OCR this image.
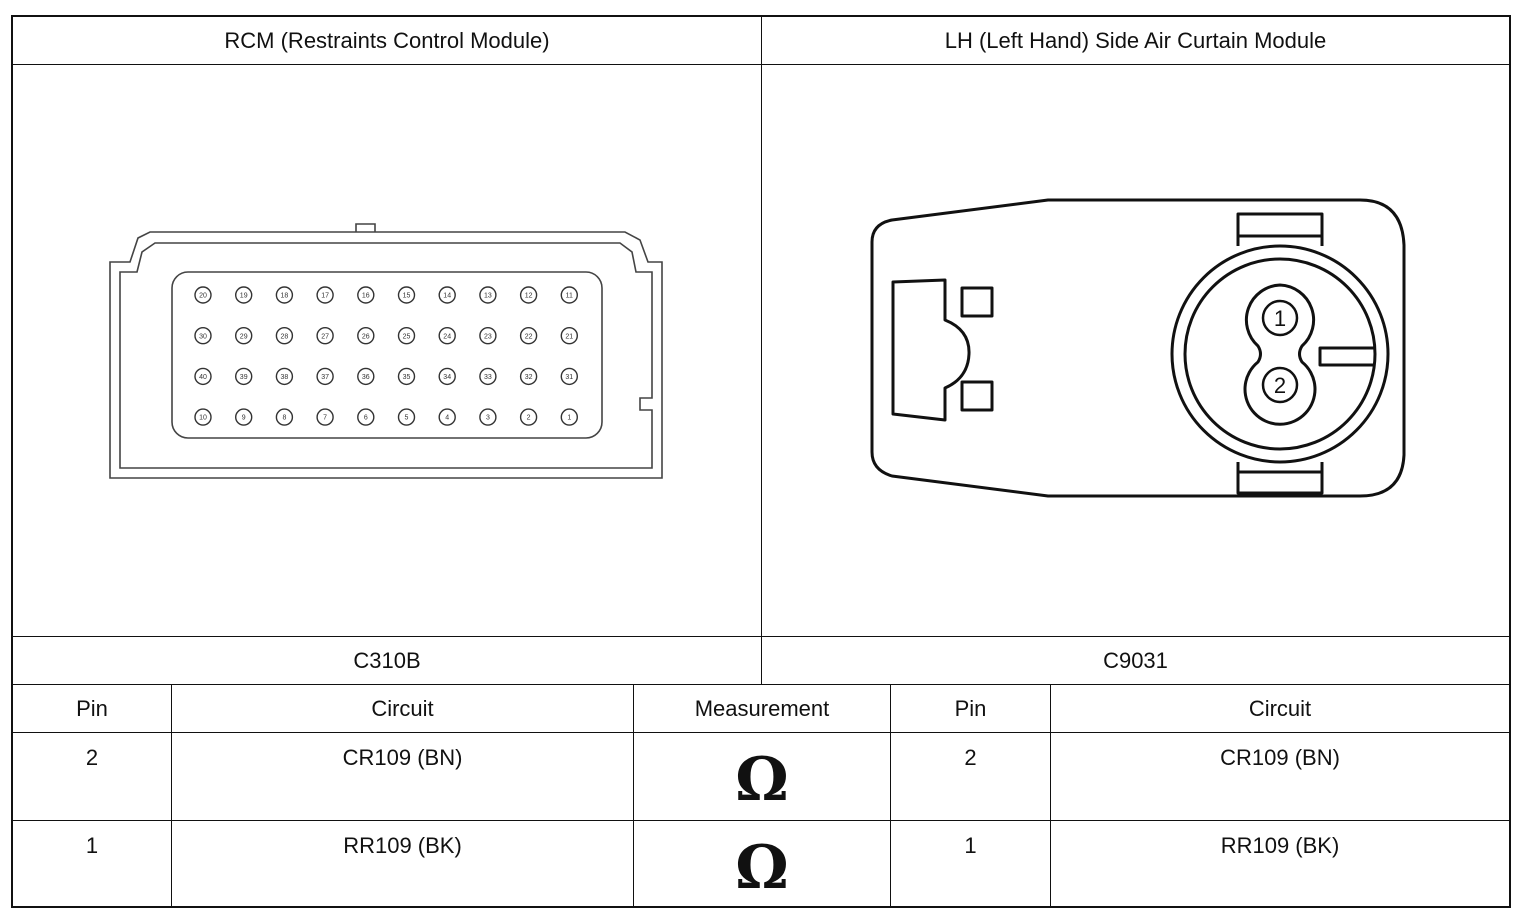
RCM (Restraints Control Module)	LH (Left Hand) Side Air Curtain Module
C310B	C9031
Pin	Circuit	Measurement	Pin	Circuit
2	CR109 (BN)	Ω	2	CR109 (BN)
1	RR109 (BK)	Ω	1	RR109 (BK)
20	19	18	17	16	15	14	13	12	11
30	29	28	27	26	25	24	23	22	21
40	39	38	37	36	35	34	33	32	31
10	9	8	7	6	5	4	3	2	1
1
2
